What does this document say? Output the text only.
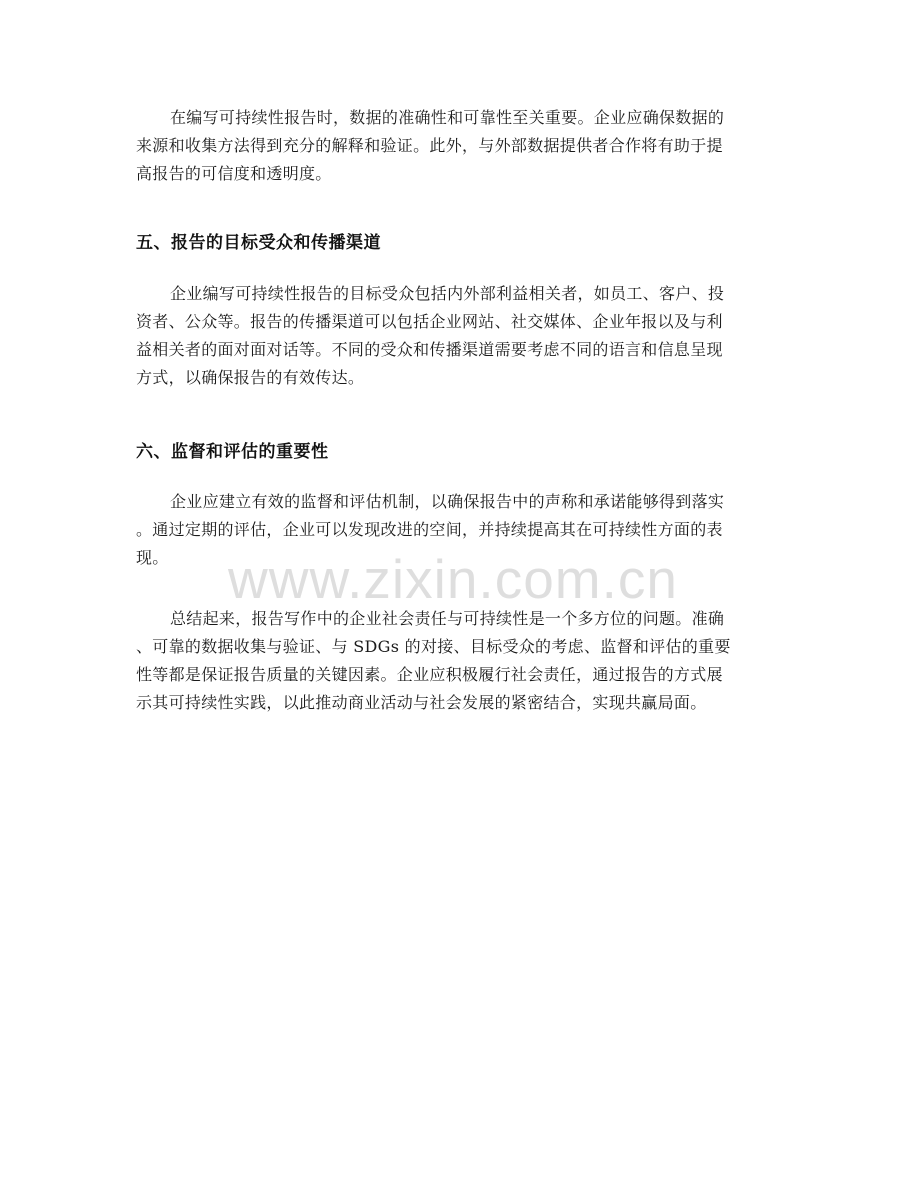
在编写可持续性报告时，数据的准确性和可靠性至关重要。企业应确保数据的
来源和收集方法得到充分的解释和验证。此外，与外部数据提供者合作将有助于提
高报告的可信度和透明度。
五、报告的目标受众和传播渠道
企业编写可持续性报告的目标受众包括内外部利益相关者，如员工、客户、投
资者、公众等。报告的传播渠道可以包括企业网站、社交媒体、企业年报以及与利
益相关者的面对面对话等。不同的受众和传播渠道需要考虑不同的语言和信息呈现
方式，以确保报告的有效传达。
六、监督和评估的重要性
企业应建立有效的监督和评估机制，以确保报告中的声称和承诺能够得到落实
。通过定期的评估，企业可以发现改进的空间，并持续提高其在可持续性方面的表
现。
总结起来，报告写作中的企业社会责任与可持续性是一个多方位的问题。准确
、可靠的数据收集与验证、与 SDGs 的对接、目标受众的考虑、监督和评估的重要
性等都是保证报告质量的关键因素。企业应积极履行社会责任，通过报告的方式展
示其可持续性实践，以此推动商业活动与社会发展的紧密结合，实现共赢局面。
www.zixin.com.cn
